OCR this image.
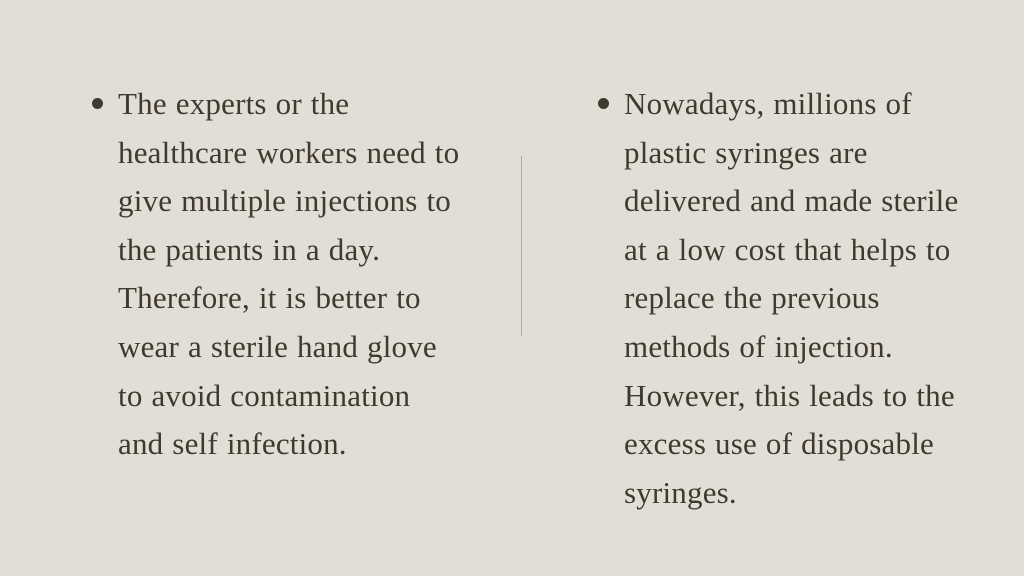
The experts or the healthcare workers need to give multiple injections to the patients in a day. Therefore, it is better to wear a sterile hand glove to avoid contamination and self infection.
Nowadays, millions of plastic syringes are delivered and made sterile at a low cost that helps to replace the previous methods of injection. However, this leads to the excess use of disposable syringes.
